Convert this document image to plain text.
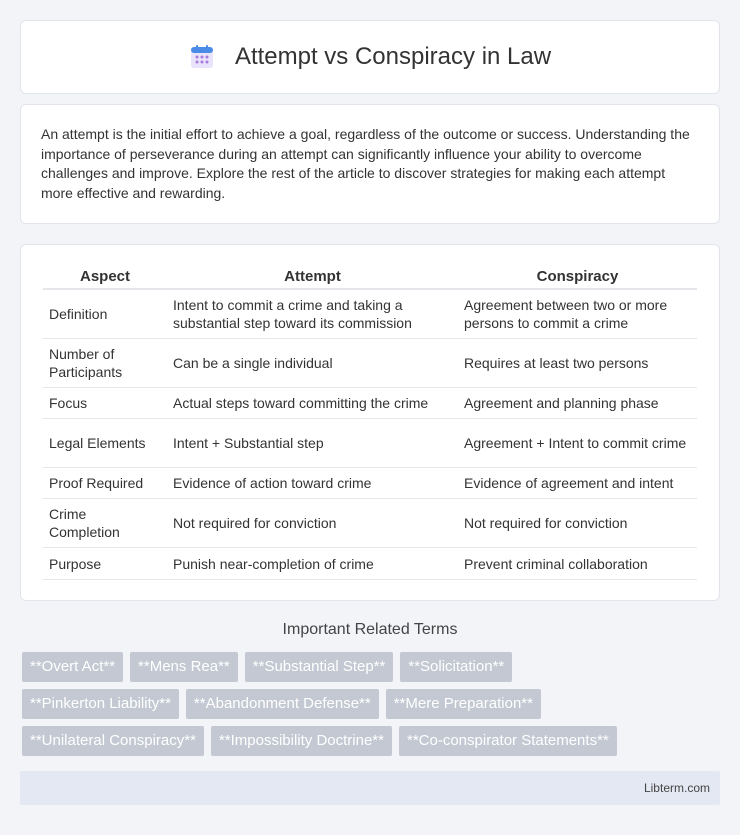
Attempt vs Conspiracy in Law

An attempt is the initial effort to achieve a goal, regardless of the outcome or success. Understanding the importance of perseverance during an attempt can significantly influence your ability to overcome challenges and improve. Explore the rest of the article to discover strategies for making each attempt more effective and rewarding.

Aspect	Attempt	Conspiracy
Definition	Intent to commit a crime and taking a substantial step toward its commission	Agreement between two or more persons to commit a crime
Number of Participants	Can be a single individual	Requires at least two persons
Focus	Actual steps toward committing the crime	Agreement and planning phase
Legal Elements	Intent + Substantial step	Agreement + Intent to commit crime
Proof Required	Evidence of action toward crime	Evidence of agreement and intent
Crime Completion	Not required for conviction	Not required for conviction
Purpose	Punish near-completion of crime	Prevent criminal collaboration
Important Related Terms
**Overt Act**	**Mens Rea**	**Substantial Step**	**Solicitation**
**Pinkerton Liability**	**Abandonment Defense**	**Mere Preparation**
**Unilateral Conspiracy**	**Impossibility Doctrine**	**Co-conspirator Statements**
Libterm.com
